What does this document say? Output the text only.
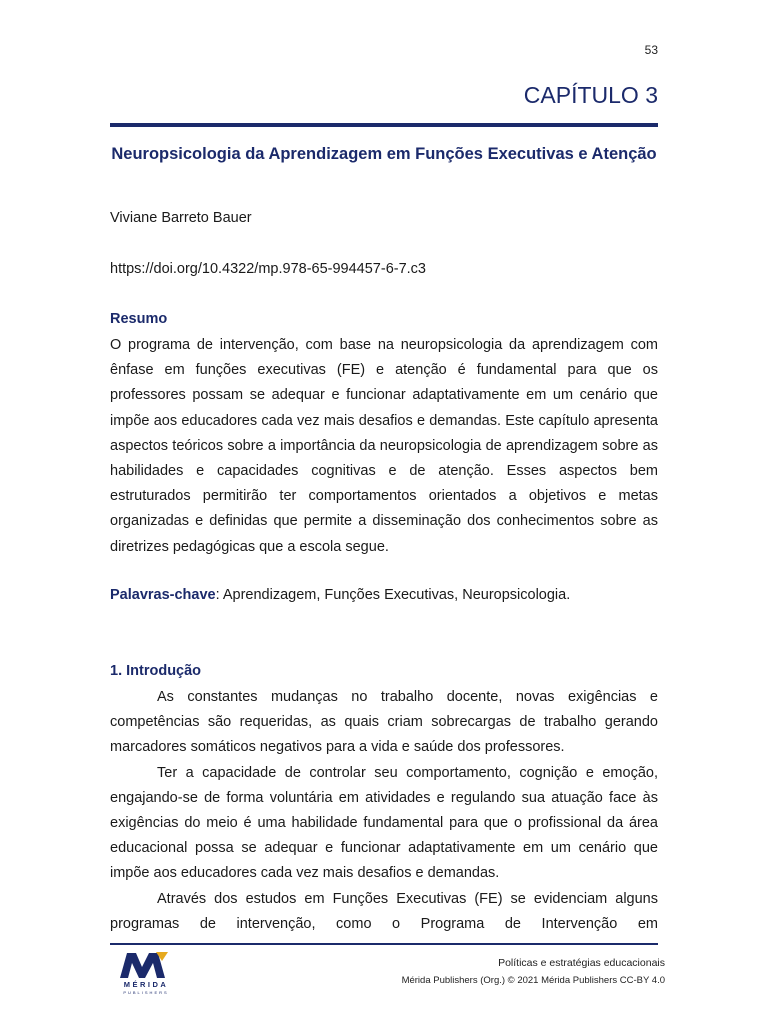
53
CAPÍTULO 3
Neuropsicologia da Aprendizagem em Funções Executivas e Atenção
Viviane Barreto Bauer
https://doi.org/10.4322/mp.978-65-994457-6-7.c3
Resumo

O programa de intervenção, com base na neuropsicologia da aprendizagem com ênfase em funções executivas (FE) e atenção é fundamental para que os professores possam se adequar e funcionar adaptativamente em um cenário que impõe aos educadores cada vez mais desafios e demandas. Este capítulo apresenta aspectos teóricos sobre a importância da neuropsicologia de aprendizagem sobre as habilidades e capacidades cognitivas e de atenção. Esses aspectos bem estruturados permitirão ter comportamentos orientados a objetivos e metas organizadas e definidas que permite a disseminação dos conhecimentos sobre as diretrizes pedagógicas que a escola segue.

Palavras-chave: Aprendizagem, Funções Executivas, Neuropsicologia.
1. Introdução

As constantes mudanças no trabalho docente, novas exigências e competências são requeridas, as quais criam sobrecargas de trabalho gerando marcadores somáticos negativos para a vida e saúde dos professores.

Ter a capacidade de controlar seu comportamento, cognição e emoção, engajando-se de forma voluntária em atividades e regulando sua atuação face às exigências do meio é uma habilidade fundamental para que o profissional da área educacional possa se adequar e funcionar adaptativamente em um cenário que impõe aos educadores cada vez mais desafios e demandas.

Através dos estudos em Funções Executivas (FE) se evidenciam alguns programas de intervenção, como o Programa de Intervenção em

MÉRIDA
PUBLISHERS
Políticas e estratégias educacionais
Mérida Publishers (Org.) © 2021 Mérida Publishers CC-BY 4.0
